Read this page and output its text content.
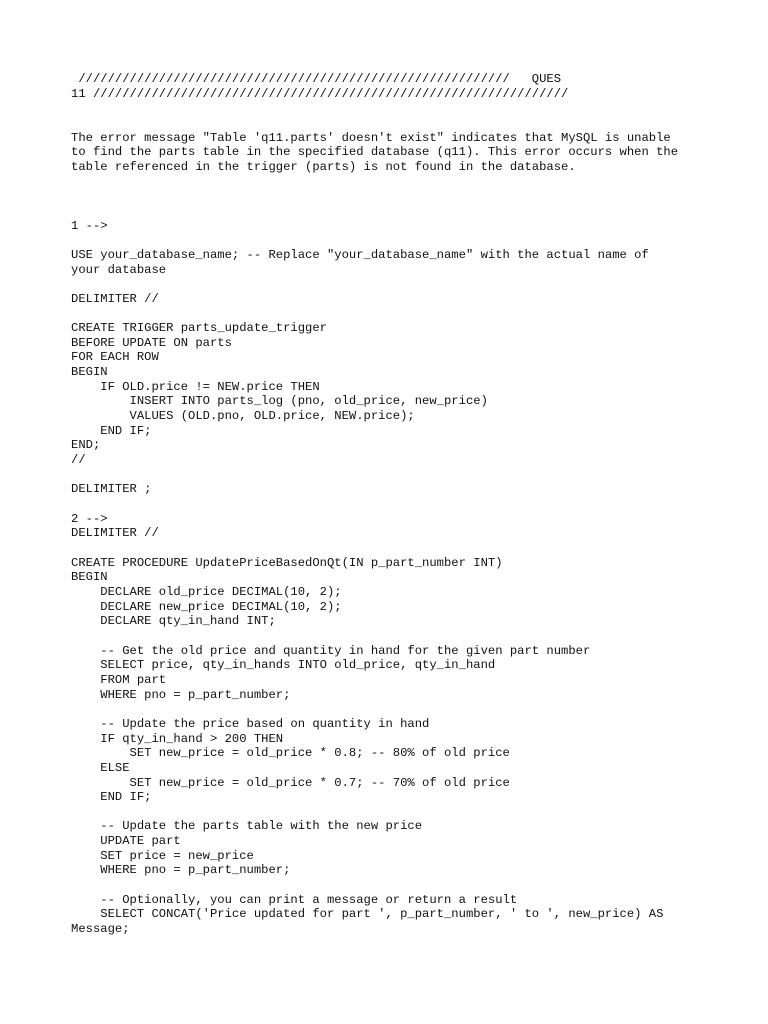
///////////////////////////////////////////////////////////   QUES
11 /////////////////////////////////////////////////////////////////

The error message "Table 'q11.parts' doesn't exist" indicates that MySQL is unable
to find the parts table in the specified database (q11). This error occurs when the
table referenced in the trigger (parts) is not found in the database.

1 -->

USE your_database_name; -- Replace "your_database_name" with the actual name of
your database

DELIMITER //

CREATE TRIGGER parts_update_trigger
BEFORE UPDATE ON parts
FOR EACH ROW
BEGIN
IF OLD.price != NEW.price THEN
INSERT INTO parts_log (pno, old_price, new_price)
VALUES (OLD.pno, OLD.price, NEW.price);
END IF;
END;
//

DELIMITER ;

2 -->
DELIMITER //

CREATE PROCEDURE UpdatePriceBasedOnQt(IN p_part_number INT)
BEGIN
DECLARE old_price DECIMAL(10, 2);
DECLARE new_price DECIMAL(10, 2);
DECLARE qty_in_hand INT;

-- Get the old price and quantity in hand for the given part number
SELECT price, qty_in_hands INTO old_price, qty_in_hand
FROM part
WHERE pno = p_part_number;

-- Update the price based on quantity in hand
IF qty_in_hand > 200 THEN
SET new_price = old_price * 0.8; -- 80% of old price
ELSE
SET new_price = old_price * 0.7; -- 70% of old price
END IF;

-- Update the parts table with the new price
UPDATE part
SET price = new_price
WHERE pno = p_part_number;

-- Optionally, you can print a message or return a result
SELECT CONCAT('Price updated for part ', p_part_number, ' to ', new_price) AS
Message;
